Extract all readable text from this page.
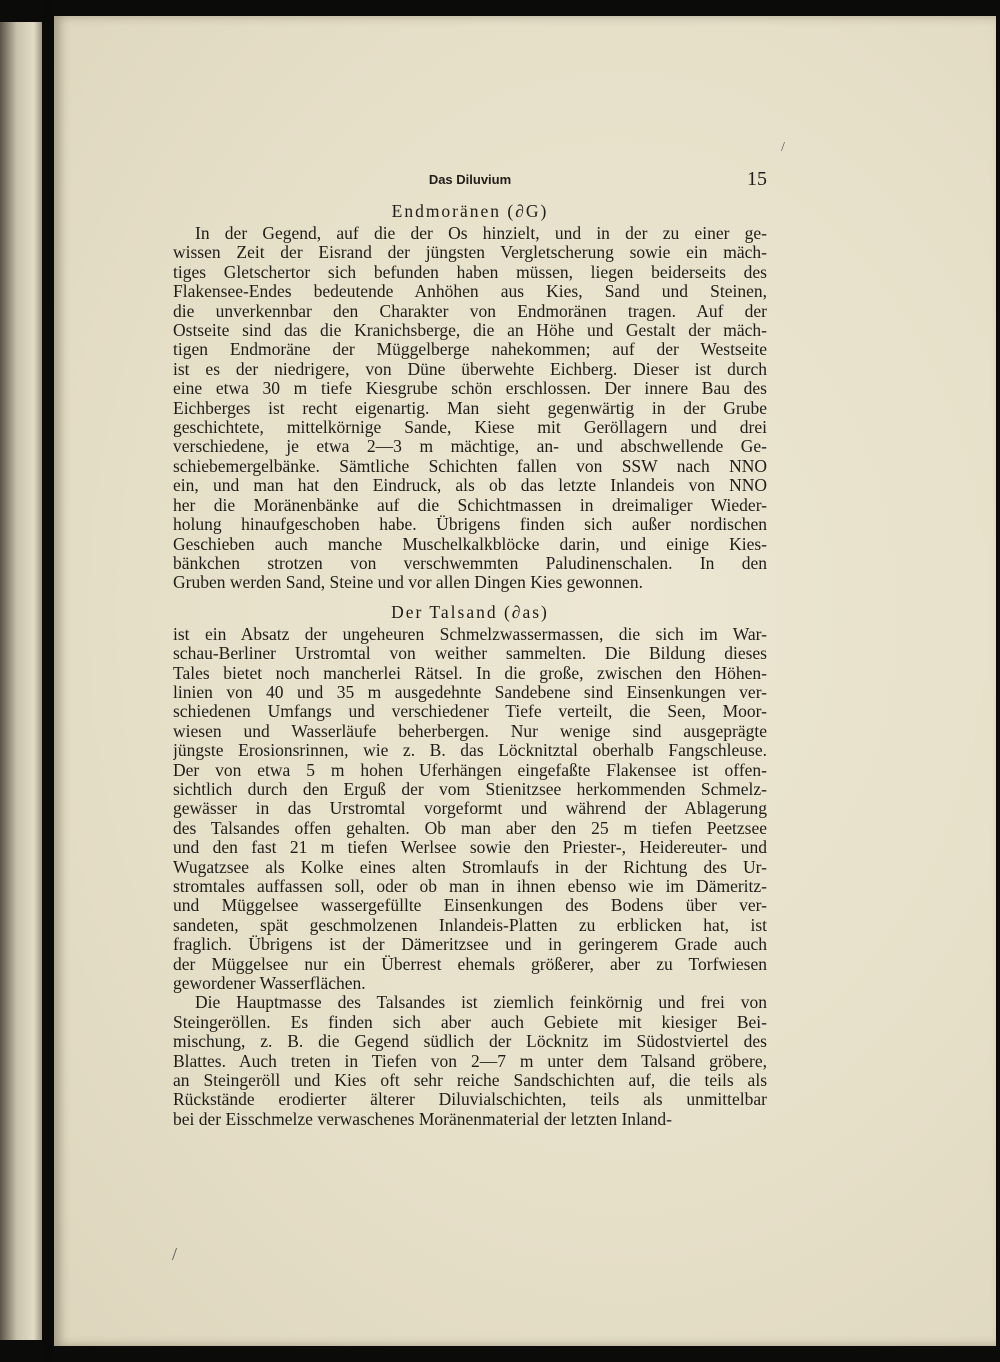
/
/
Das Diluvium	15
Endmoränen (∂G)
In der Gegend, auf die der Os hinzielt, und in der zu einer ge-
wissen Zeit der Eisrand der jüngsten Vergletscherung sowie ein mäch-
tiges Gletschertor sich befunden haben müssen, liegen beiderseits des
Flakensee-Endes bedeutende Anhöhen aus Kies, Sand und Steinen,
die unverkennbar den Charakter von Endmoränen tragen. Auf der
Ostseite sind das die Kranichsberge, die an Höhe und Gestalt der mäch-
tigen Endmoräne der Müggelberge nahekommen; auf der Westseite
ist es der niedrigere, von Düne überwehte Eichberg. Dieser ist durch
eine etwa 30 m tiefe Kiesgrube schön erschlossen. Der innere Bau des
Eichberges ist recht eigenartig. Man sieht gegenwärtig in der Grube
geschichtete, mittelkörnige Sande, Kiese mit Geröllagern und drei
verschiedene, je etwa 2—3 m mächtige, an- und abschwellende Ge-
schiebemergelbänke. Sämtliche Schichten fallen von SSW nach NNO
ein, und man hat den Eindruck, als ob das letzte Inlandeis von NNO
her die Moränenbänke auf die Schichtmassen in dreimaliger Wieder-
holung hinaufgeschoben habe. Übrigens finden sich außer nordischen
Geschieben auch manche Muschelkalkblöcke darin, und einige Kies-
bänkchen strotzen von verschwemmten Paludinenschalen. In den
Gruben werden Sand, Steine und vor allen Dingen Kies gewonnen.
Der Talsand (∂as)
ist ein Absatz der ungeheuren Schmelzwassermassen, die sich im War-
schau-Berliner Urstromtal von weither sammelten. Die Bildung dieses
Tales bietet noch mancherlei Rätsel. In die große, zwischen den Höhen-
linien von 40 und 35 m ausgedehnte Sandebene sind Einsenkungen ver-
schiedenen Umfangs und verschiedener Tiefe verteilt, die Seen, Moor-
wiesen und Wasserläufe beherbergen. Nur wenige sind ausgeprägte
jüngste Erosionsrinnen, wie z. B. das Löcknitztal oberhalb Fangschleuse.
Der von etwa 5 m hohen Uferhängen eingefaßte Flakensee ist offen-
sichtlich durch den Erguß der vom Stienitzsee herkommenden Schmelz-
gewässer in das Urstromtal vorgeformt und während der Ablagerung
des Talsandes offen gehalten. Ob man aber den 25 m tiefen Peetzsee
und den fast 21 m tiefen Werlsee sowie den Priester-, Heidereuter- und
Wugatzsee als Kolke eines alten Stromlaufs in der Richtung des Ur-
stromtales auffassen soll, oder ob man in ihnen ebenso wie im Dämeritz-
und Müggelsee wassergefüllte Einsenkungen des Bodens über ver-
sandeten, spät geschmolzenen Inlandeis-Platten zu erblicken hat, ist
fraglich. Übrigens ist der Dämeritzsee und in geringerem Grade auch
der Müggelsee nur ein Überrest ehemals größerer, aber zu Torfwiesen
gewordener Wasserflächen.
Die Hauptmasse des Talsandes ist ziemlich feinkörnig und frei von
Steingeröllen. Es finden sich aber auch Gebiete mit kiesiger Bei-
mischung, z. B. die Gegend südlich der Löcknitz im Südostviertel des
Blattes. Auch treten in Tiefen von 2—7 m unter dem Talsand gröbere,
an Steingeröll und Kies oft sehr reiche Sandschichten auf, die teils als
Rückstände erodierter älterer Diluvialschichten, teils als unmittelbar
bei der Eisschmelze verwaschenes Moränenmaterial der letzten Inland-
